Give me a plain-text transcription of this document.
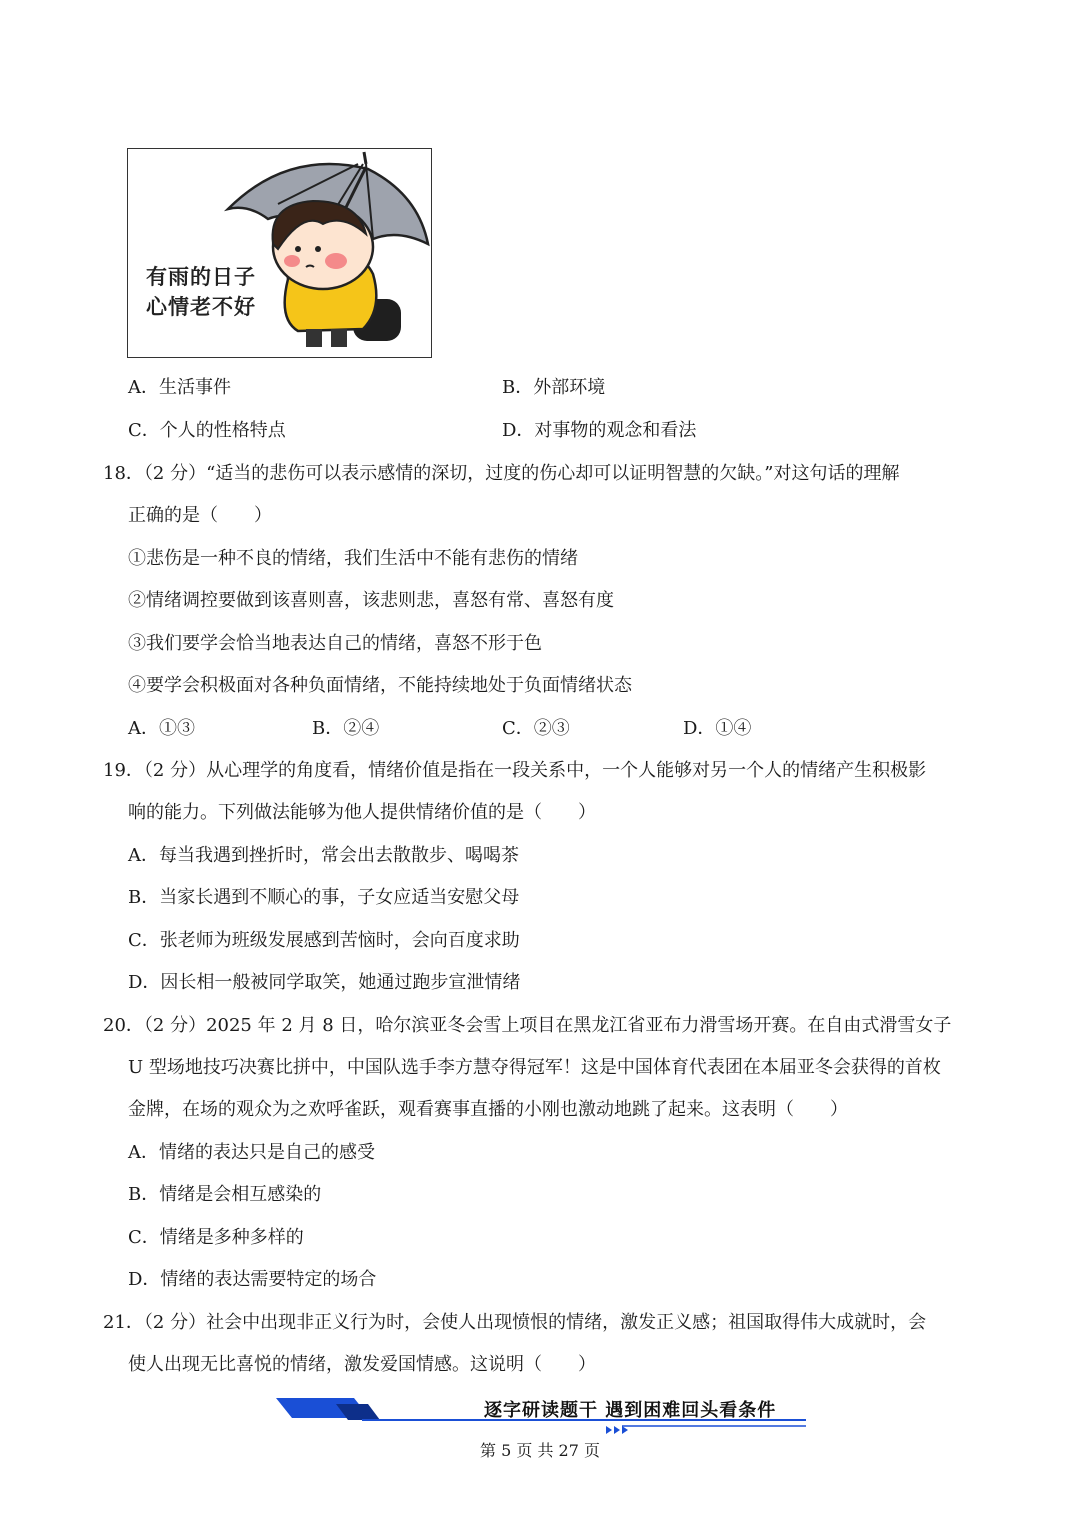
有雨的日子
心情老不好
A．生活事件	B．外部环境
C．个人的性格特点	D．对事物的观念和看法
18．（2 分）“适当的悲伤可以表示感情的深切，过度的伤心却可以证明智慧的欠缺。”对这句话的理解
正确的是（　　）
①悲伤是一种不良的情绪，我们生活中不能有悲伤的情绪
②情绪调控要做到该喜则喜，该悲则悲，喜怒有常、喜怒有度
③我们要学会恰当地表达自己的情绪，喜怒不形于色
④要学会积极面对各种负面情绪，不能持续地处于负面情绪状态
A．①③	B．②④	C．②③	D．①④
19．（2 分）从心理学的角度看，情绪价值是指在一段关系中，一个人能够对另一个人的情绪产生积极影
响的能力。下列做法能够为他人提供情绪价值的是（　　）
A．每当我遇到挫折时，常会出去散散步、喝喝茶
B．当家长遇到不顺心的事，子女应适当安慰父母
C．张老师为班级发展感到苦恼时，会向百度求助
D．因长相一般被同学取笑，她通过跑步宣泄情绪
20．（2 分）2025 年 2 月 8 日，哈尔滨亚冬会雪上项目在黑龙江省亚布力滑雪场开赛。在自由式滑雪女子
U 型场地技巧决赛比拼中，中国队选手李方慧夺得冠军！这是中国体育代表团在本届亚冬会获得的首枚
金牌，在场的观众为之欢呼雀跃，观看赛事直播的小刚也激动地跳了起来。这表明（　　）
A．情绪的表达只是自己的感受
B．情绪是会相互感染的
C．情绪是多种多样的
D．情绪的表达需要特定的场合
21．（2 分）社会中出现非正义行为时，会使人出现愤恨的情绪，激发正义感；祖国取得伟大成就时，会
使人出现无比喜悦的情绪，激发爱国情感。这说明（　　）
逐字研读题干 遇到困难回头看条件
第 5 页 共 27 页
